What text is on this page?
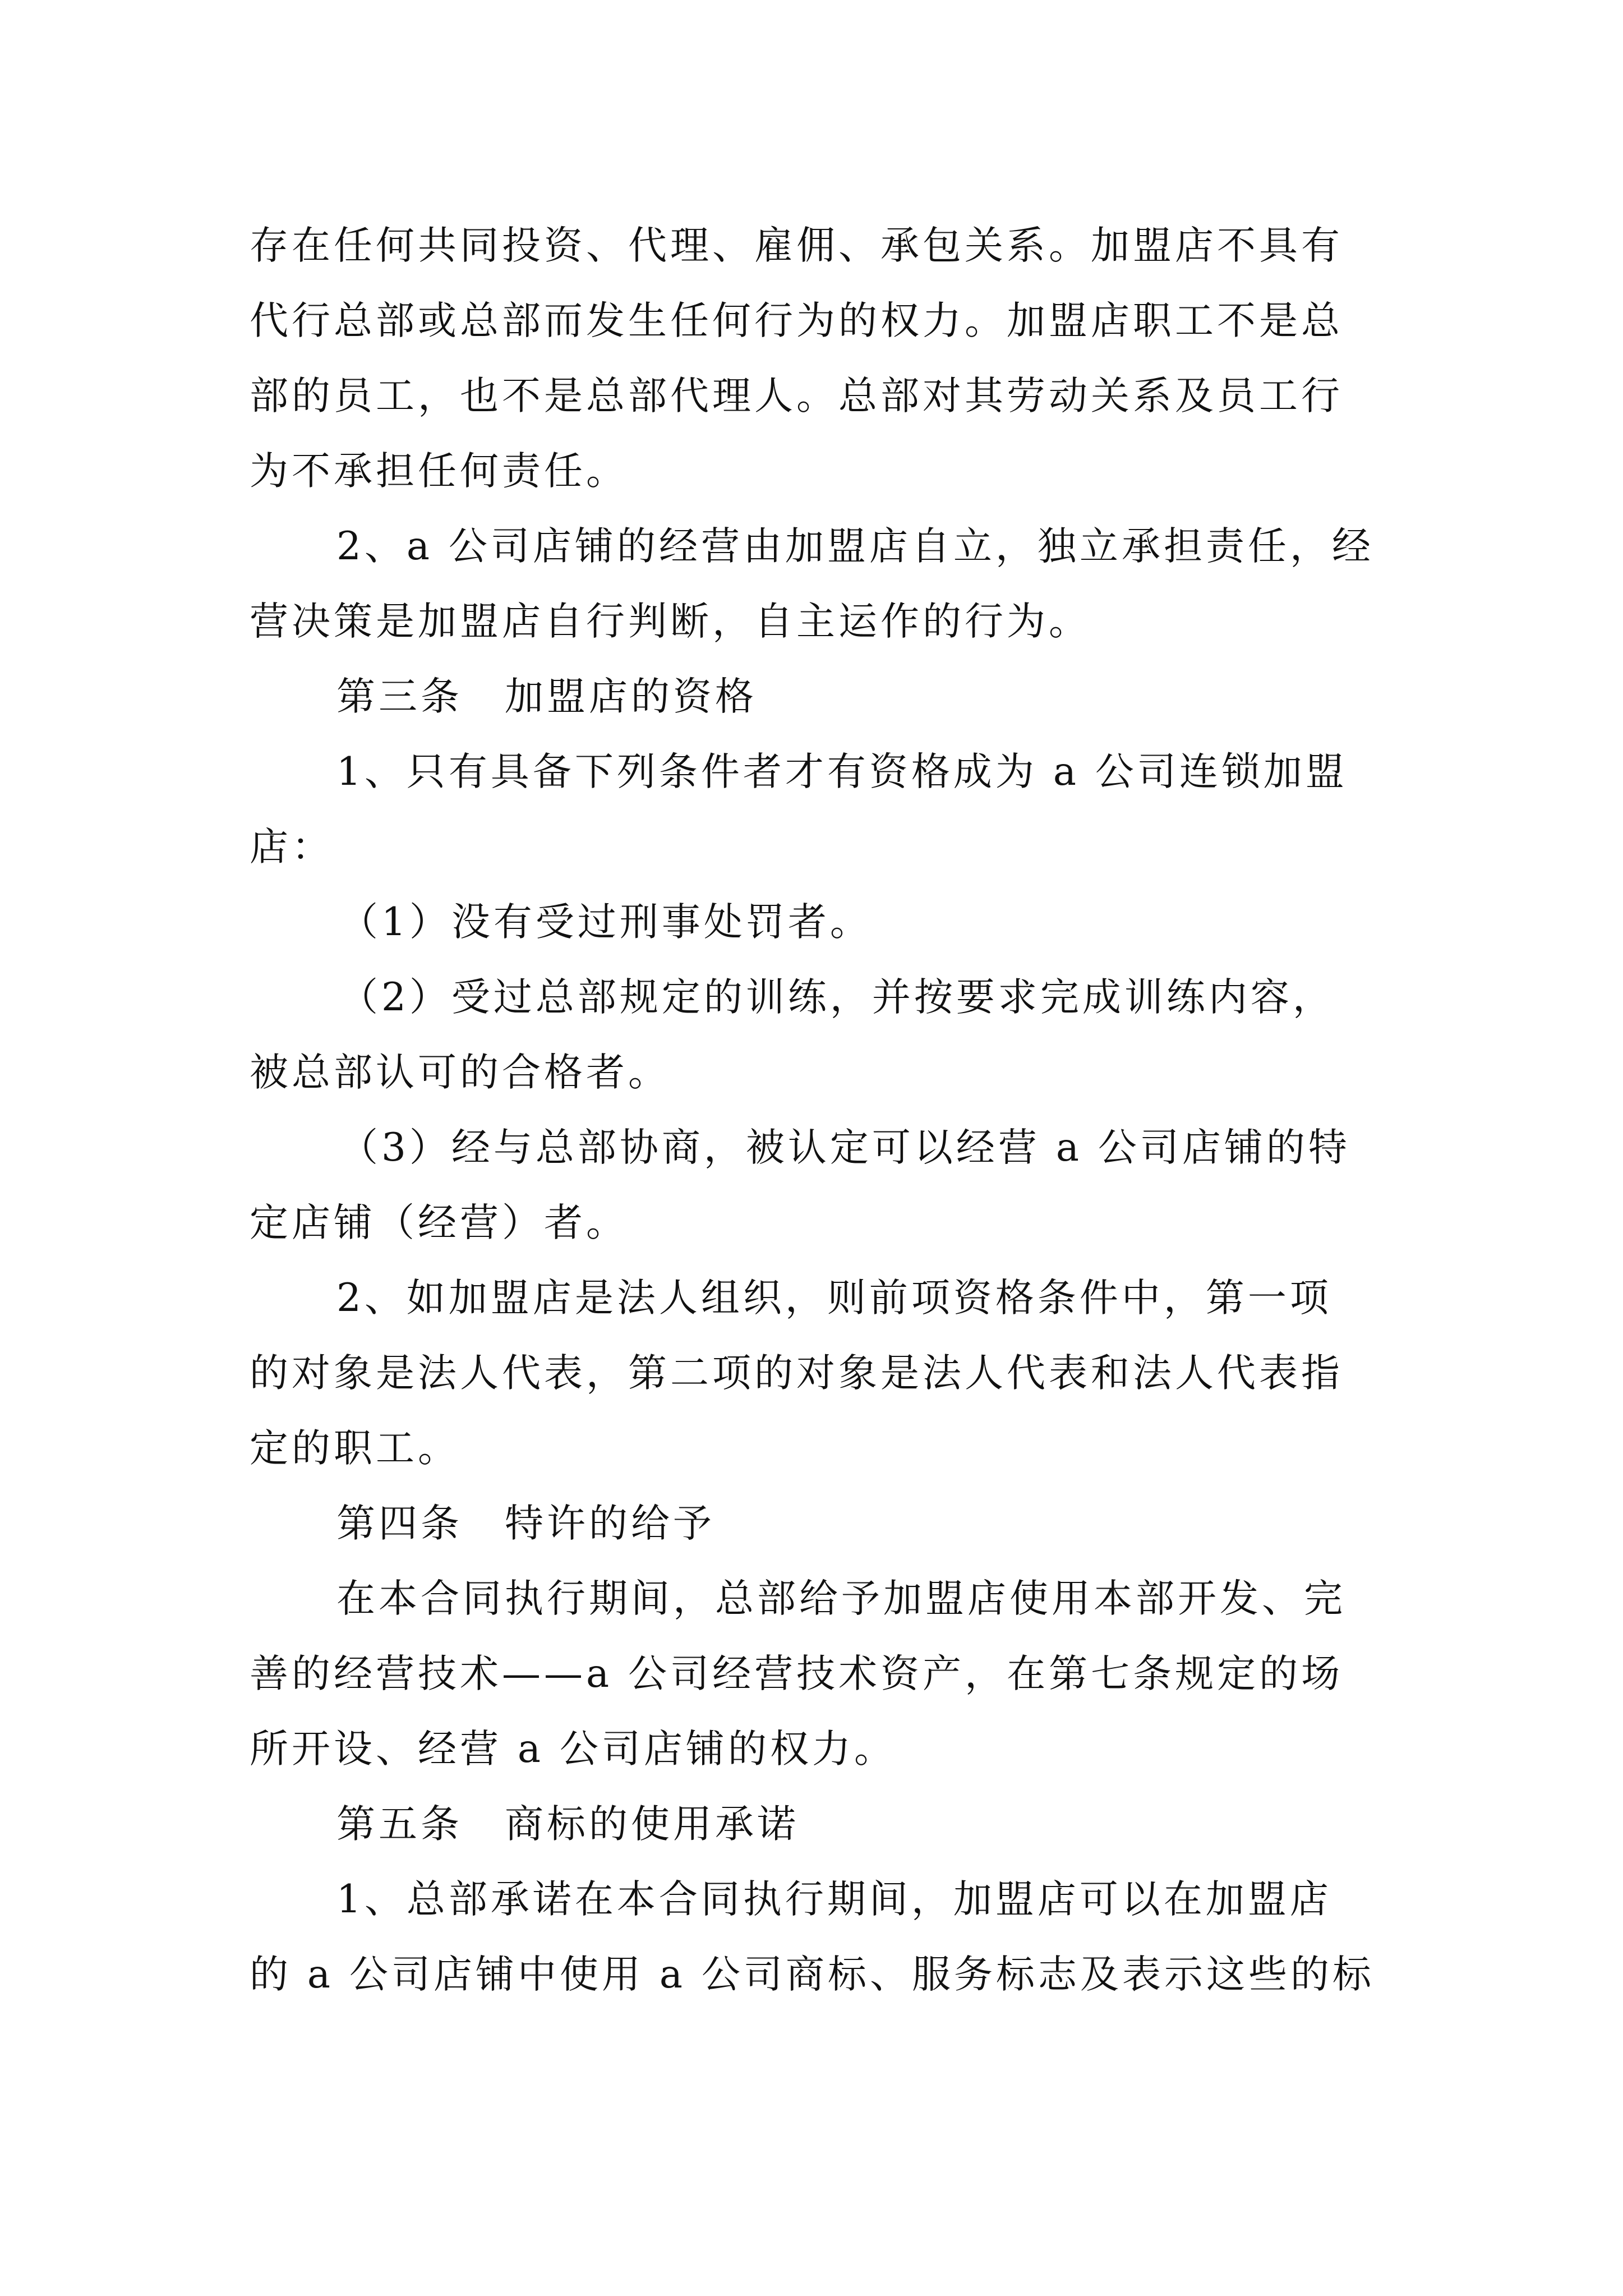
存在任何共同投资、代理、雇佣、承包关系。加盟店不具有
代行总部或总部而发生任何行为的权力。加盟店职工不是总
部的员工，也不是总部代理人。总部对其劳动关系及员工行
为不承担任何责任。
2、a 公司店铺的经营由加盟店自立，独立承担责任，经
营决策是加盟店自行判断，自主运作的行为。
第三条　加盟店的资格
1、只有具备下列条件者才有资格成为 a 公司连锁加盟
店：
（1）没有受过刑事处罚者。
（2）受过总部规定的训练，并按要求完成训练内容，
被总部认可的合格者。
（3）经与总部协商，被认定可以经营 a 公司店铺的特
定店铺（经营）者。
2、如加盟店是法人组织，则前项资格条件中，第一项
的对象是法人代表，第二项的对象是法人代表和法人代表指
定的职工。
第四条　特许的给予
在本合同执行期间，总部给予加盟店使用本部开发、完
善的经营技术——a 公司经营技术资产，在第七条规定的场
所开设、经营 a 公司店铺的权力。
第五条　商标的使用承诺
1、总部承诺在本合同执行期间，加盟店可以在加盟店
的 a 公司店铺中使用 a 公司商标、服务标志及表示这些的标
